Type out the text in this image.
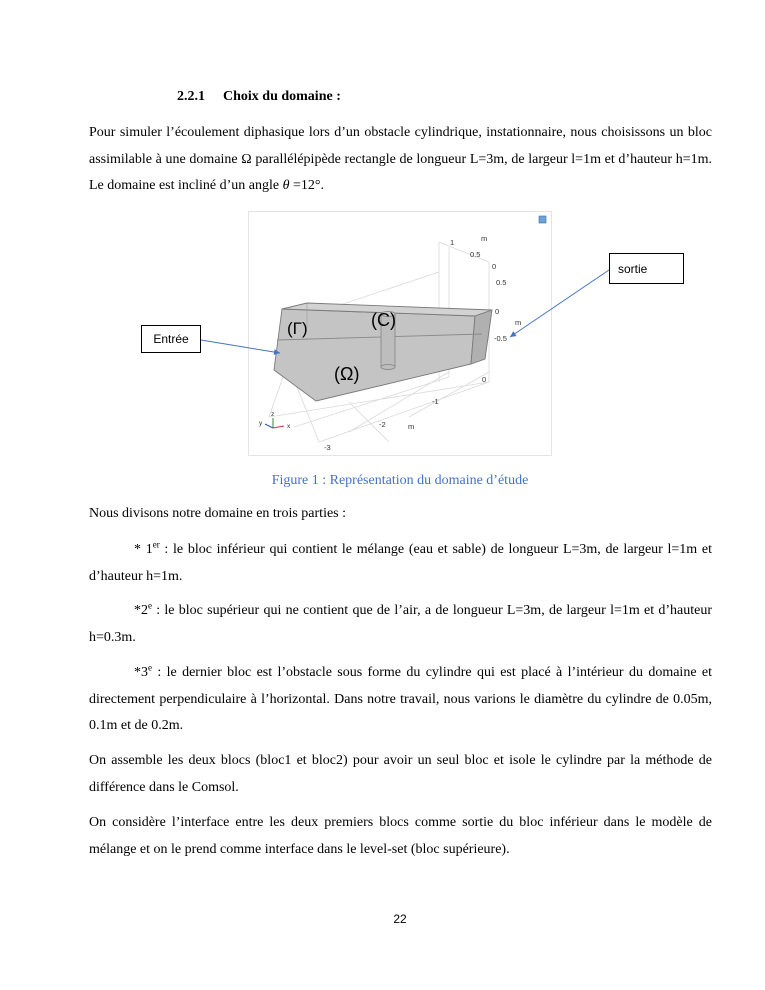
2.2.1 Choix du domaine :

Pour simuler l’écoulement diphasique lors d’un obstacle cylindrique, instationnaire, nous choisissons un bloc assimilable à une domaine Ω parallélépipède rectangle de longueur L=3m, de largeur l=1m et d’hauteur h=1m. Le domaine est incliné d’un angle θ =12°.

(Γ)	(C)
(Ω)
1	m
0.5
0
0.5
0
m
-0.5
0
-1
-2	m
-3
z
y	x
Entrée
sortie
Figure 1 : Représentation du domaine d’étude

Nous divisons notre domaine en trois parties :

* 1er : le bloc inférieur qui contient le mélange (eau et sable) de longueur L=3m, de largeur l=1m et d’hauteur h=1m.

*2e : le bloc supérieur qui ne contient que de l’air, a de longueur L=3m, de largeur l=1m et d’hauteur h=0.3m.

*3e : le dernier bloc est l’obstacle sous forme du cylindre qui est placé à l’intérieur du domaine et directement perpendiculaire à l’horizontal. Dans notre travail, nous varions le diamètre du cylindre de 0.05m, 0.1m et de 0.2m.

On assemble les deux blocs (bloc1 et bloc2) pour avoir un seul bloc et isole le cylindre par la méthode de différence dans le Comsol.

On considère l’interface entre les deux premiers blocs comme sortie du bloc inférieur dans le modèle de mélange et on le prend comme interface dans le level-set (bloc supérieure).

22
